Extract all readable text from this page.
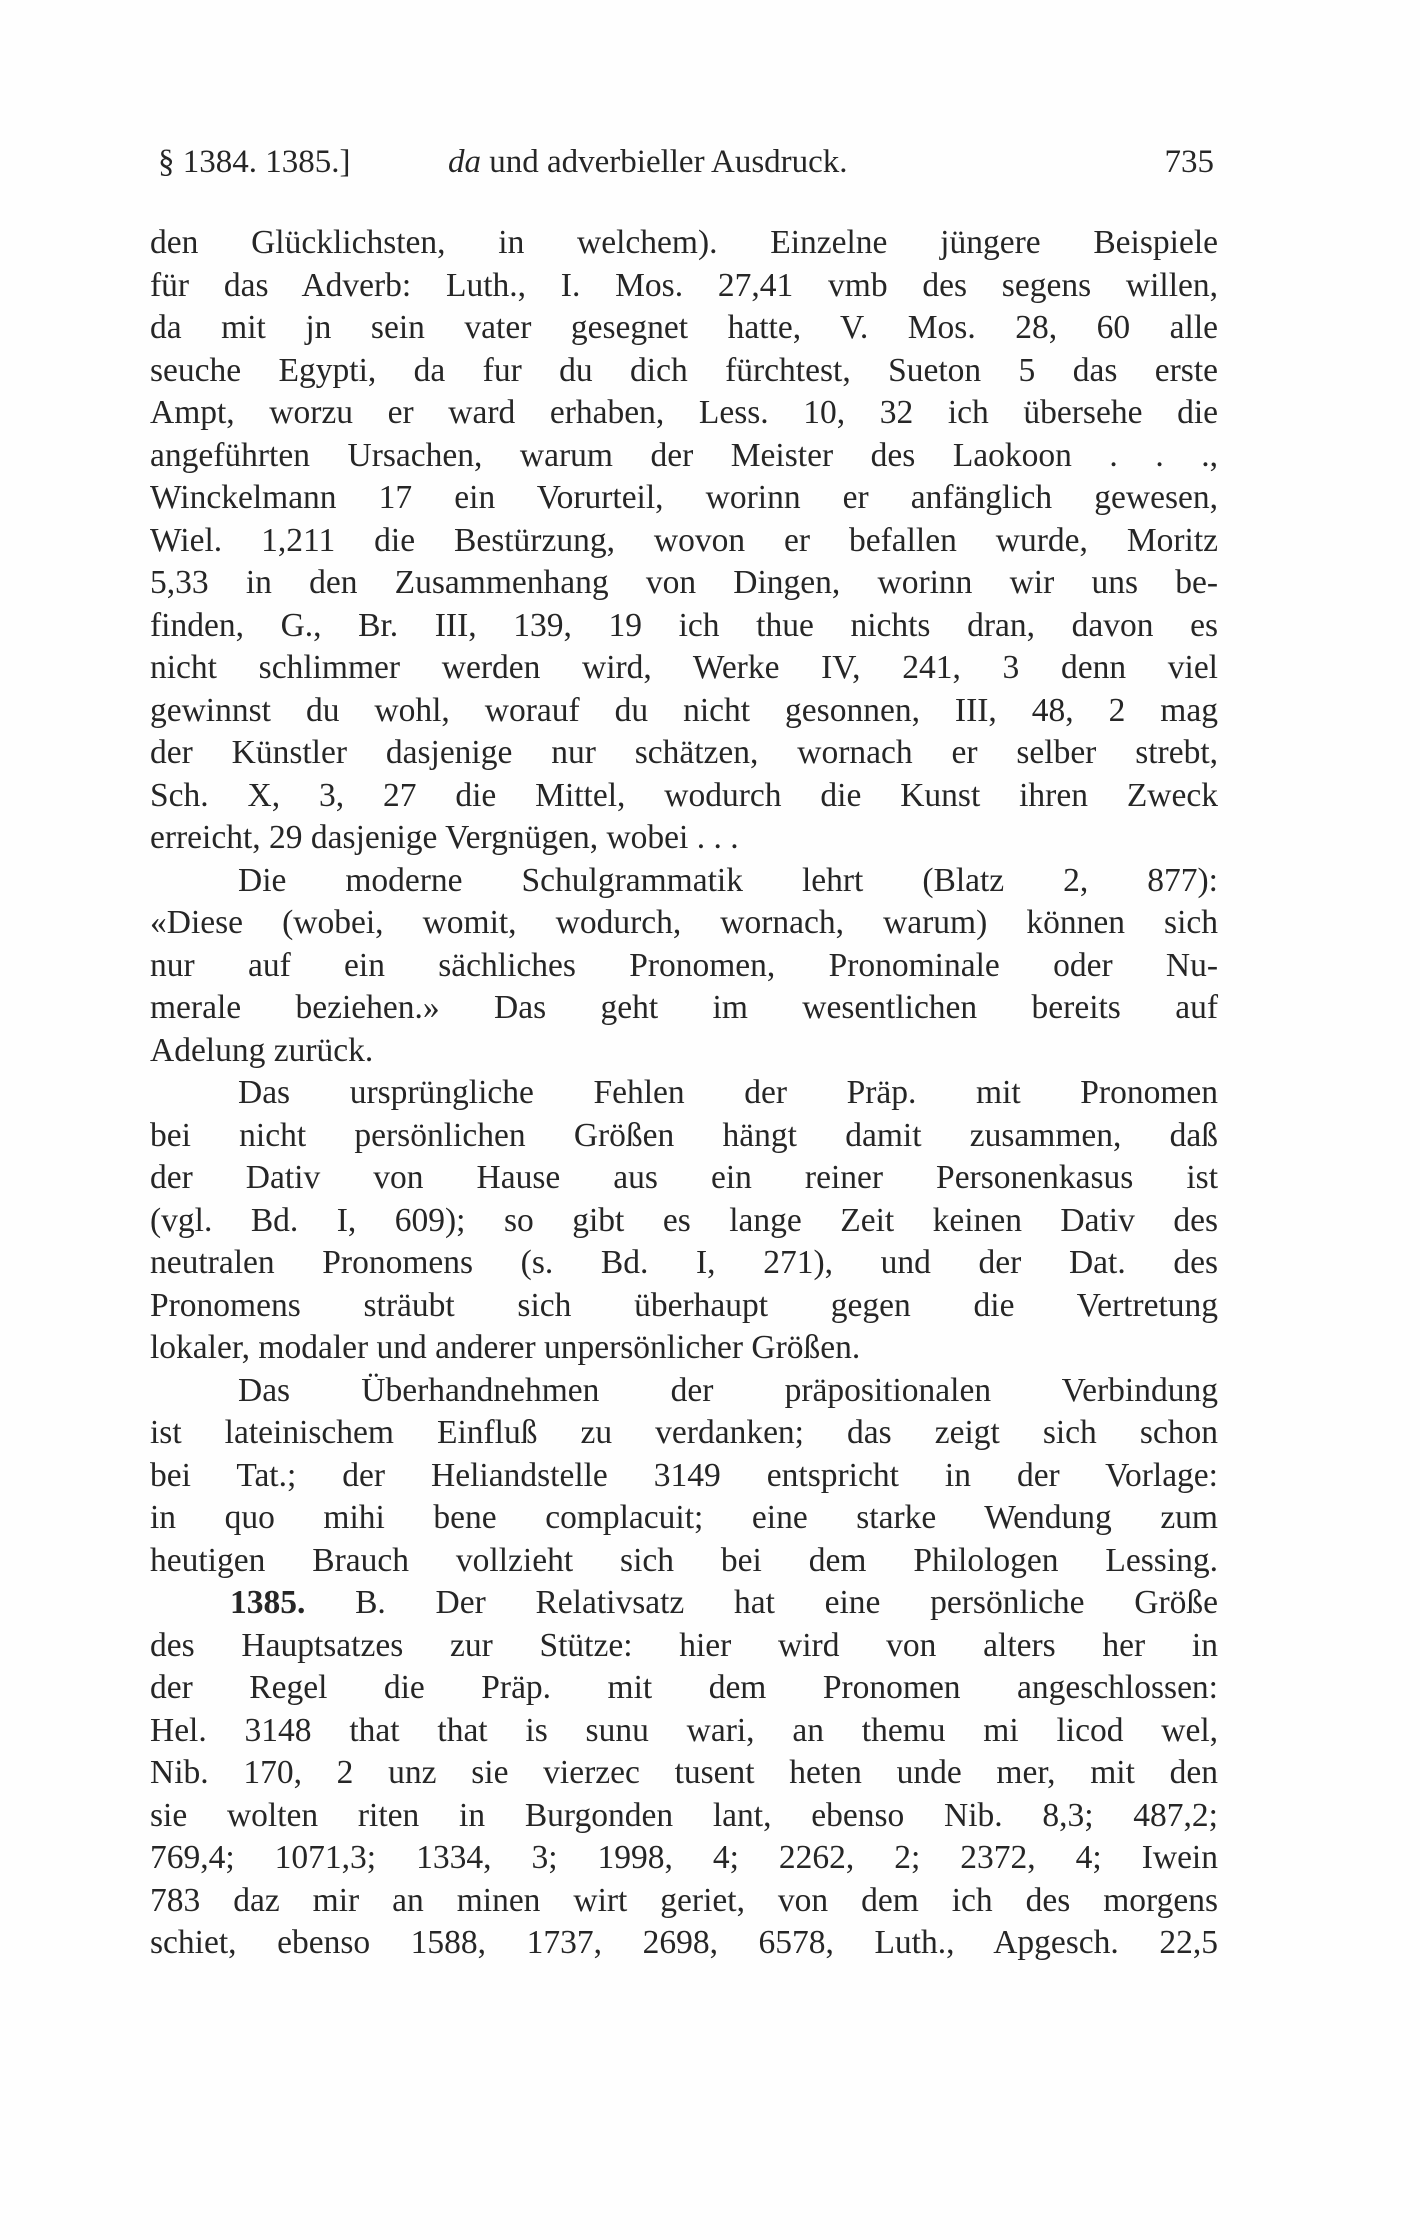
§ 1384. 1385.]	da und adverbieller Ausdruck.	735
den Glücklichsten, in welchem). Einzelne jüngere Beispiele
für das Adverb: Luth., I. Mos. 27,41 vmb des segens willen,
da mit jn sein vater gesegnet hatte, V. Mos. 28, 60 alle
seuche Egypti, da fur du dich fürchtest, Sueton 5 das erste
Ampt, worzu er ward erhaben, Less. 10, 32 ich übersehe die
angeführten Ursachen, warum der Meister des Laokoon . . .,
Winckelmann 17 ein Vorurteil, worinn er anfänglich gewesen,
Wiel. 1,211 die Bestürzung, wovon er befallen wurde, Moritz
5,33 in den Zusammenhang von Dingen, worinn wir uns be-
finden, G., Br. III, 139, 19 ich thue nichts dran, davon es
nicht schlimmer werden wird, Werke IV, 241, 3 denn viel
gewinnst du wohl, worauf du nicht gesonnen, III, 48, 2 mag
der Künstler dasjenige nur schätzen, wornach er selber strebt,
Sch. X, 3, 27 die Mittel, wodurch die Kunst ihren Zweck
erreicht, 29 dasjenige Vergnügen, wobei . . .
Die moderne Schulgrammatik lehrt (Blatz 2, 877):
«Diese (wobei, womit, wodurch, wornach, warum) können sich
nur auf ein sächliches Pronomen, Pronominale oder Nu-
merale beziehen.» Das geht im wesentlichen bereits auf
Adelung zurück.
Das ursprüngliche Fehlen der Präp. mit Pronomen
bei nicht persönlichen Größen hängt damit zusammen, daß
der Dativ von Hause aus ein reiner Personenkasus ist
(vgl. Bd. I, 609); so gibt es lange Zeit keinen Dativ des
neutralen Pronomens (s. Bd. I, 271), und der Dat. des
Pronomens sträubt sich überhaupt gegen die Vertretung
lokaler, modaler und anderer unpersönlicher Größen.
Das Überhandnehmen der präpositionalen Verbindung
ist lateinischem Einfluß zu verdanken; das zeigt sich schon
bei Tat.; der Heliandstelle 3149 entspricht in der Vorlage:
in quo mihi bene complacuit; eine starke Wendung zum
heutigen Brauch vollzieht sich bei dem Philologen Lessing.
1385. B. Der Relativsatz hat eine persönliche Größe
des Hauptsatzes zur Stütze: hier wird von alters her in
der Regel die Präp. mit dem Pronomen angeschlossen:
Hel. 3148 that that is sunu wari, an themu mi licod wel,
Nib. 170, 2 unz sie vierzec tusent heten unde mer, mit den
sie wolten riten in Burgonden lant, ebenso Nib. 8,3; 487,2;
769,4; 1071,3; 1334, 3; 1998, 4; 2262, 2; 2372, 4; Iwein
783 daz mir an minen wirt geriet, von dem ich des morgens
schiet, ebenso 1588, 1737, 2698, 6578, Luth., Apgesch. 22,5
